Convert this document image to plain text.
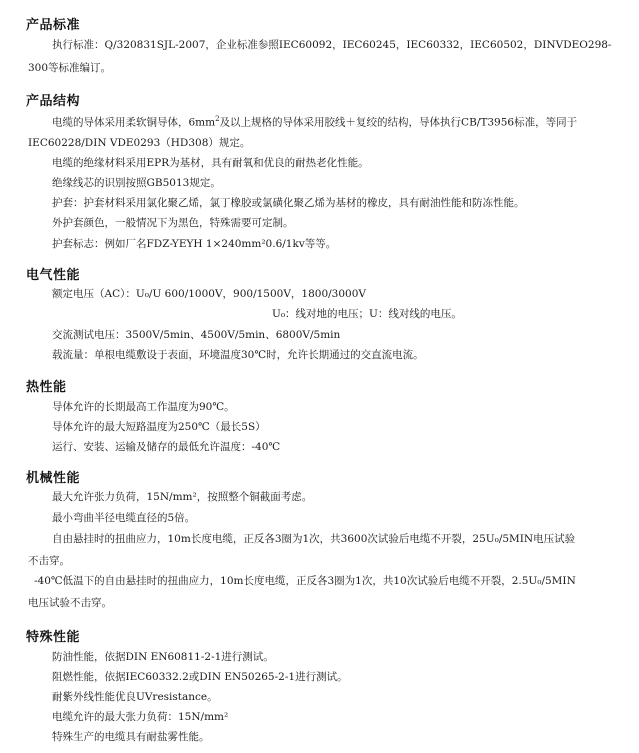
产品标准
执行标准：Q/320831SJL-2007，企业标准参照IEC60092，IEC60245，IEC60332，IEC60502，DINVDEO298-
300等标准编订。
产品结构
电缆的导体采用柔软铜导体，$6mm^2$及以上规格的导体采用胶线＋复绞的结构，导体执行CB/T3956标准，等同于
IEC60228/DIN VDE0293（HD308）规定。
电缆的绝缘材料采用EPR为基材，具有耐氧和优良的耐热老化性能。
绝缘线芯的识别按照GB5013规定。
护套：护套材料采用氯化聚乙烯，氯丁橡胶或氯磺化聚乙烯为基材的橡皮，具有耐油性能和防冻性能。
外护套颜色，一般情况下为黑色，特殊需要可定制。
护套标志：例如厂名FDZ-YEYH 1×240mm²0.6/1kv等等。
电气性能
额定电压（AC）：U₀/U 600/1000V，900/1500V，1800/3000V
U₀：线对地的电压；U：线对线的电压。
交流测试电压：3500V/5min、4500V/5min、6800V/5min
载流量：单根电缆敷设于表面，环境温度30℃时，允许长期通过的交直流电流。
热性能
导体允许的长期最高工作温度为90℃。
导体允许的最大短路温度为250℃（最长5S）
运行、安装、运输及储存的最低允许温度：-40℃
机械性能
最大允许张力负荷，15N/mm²，按照整个铜截面考虑。
最小弯曲半径电缆直径的5倍。
自由悬挂时的扭曲应力，10m长度电缆，正反各3圈为1次，共3600次试验后电缆不开裂，25U₀/5MIN电压试验
不击穿。
-40℃低温下的自由悬挂时的扭曲应力，10m长度电缆，正反各3圈为1次，共10次试验后电缆不开裂，2.5U₀/5MIN
电压试验不击穿。
特殊性能
防油性能，依据DIN EN60811-2-1进行测试。
阻燃性能，依据IEC60332.2或DIN EN50265-2-1进行测试。
耐紫外线性能优良UVresistance。
电缆允许的最大张力负荷：15N/mm²
特殊生产的电缆具有耐盐雾性能。
